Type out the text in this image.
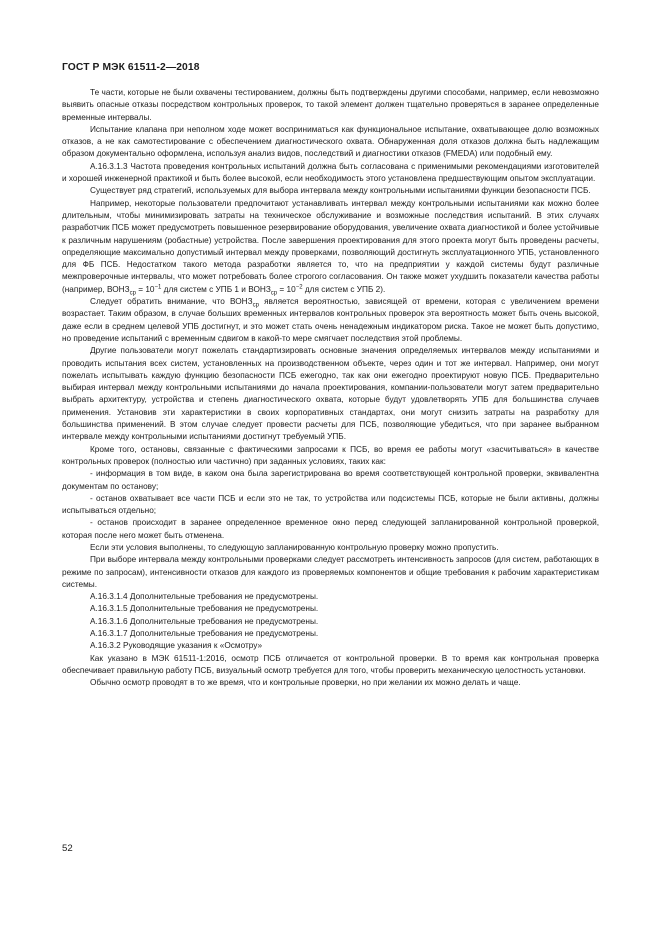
ГОСТ Р МЭК 61511-2—2018

Те части, которые не были охвачены тестированием, должны быть подтверждены другими способами, например, если невозможно выявить опасные отказы посредством контрольных проверок, то такой элемент должен тщательно проверяться в заранее определенные временные интервалы.

Испытание клапана при неполном ходе может восприниматься как функциональное испытание, охватывающее долю возможных отказов, а не как самотестирование с обеспечением диагностического охвата. Обнаруженная доля отказов должна быть надлежащим образом документально оформлена, используя анализ видов, последствий и диагностики отказов (FMEDA) или подобный ему.

А.16.3.1.3 Частота проведения контрольных испытаний должна быть согласована с применимыми рекомендациями изготовителей и хорошей инженерной практикой и быть более высокой, если необходимость этого установлена предшествующим опытом эксплуатации.

Существует ряд стратегий, используемых для выбора интервала между контрольными испытаниями функции безопасности ПСБ.

Например, некоторые пользователи предпочитают устанавливать интервал между контрольными испытаниями как можно более длительным, чтобы минимизировать затраты на техническое обслуживание и возможные последствия испытаний. В этих случаях разработчик ПСБ может предусмотреть повышенное резервирование оборудования, увеличение охвата диагностикой и более устойчивые к различным нарушениям (робастные) устройства. После завершения проектирования для этого проекта могут быть проведены расчеты, определяющие максимально допустимый интервал между проверками, позволяющий достигнуть эксплуатационного УПБ, установленного для ФБ ПСБ. Недостатком такого метода разработки является то, что на предприятии у каждой системы будут различные межпроверочные интервалы, что может потребовать более строгого согласования. Он также может ухудшить показатели качества работы (например, $ВОНЗ_{ср} = 10^{-1}$ для систем с УПБ 1 и $ВОНЗ_{ср} = 10^{-2}$ для систем с УПБ 2).

Следует обратить внимание, что $ВОНЗ_{ср}$ является вероятностью, зависящей от времени, которая с увеличением времени возрастает. Таким образом, в случае больших временных интервалов контрольных проверок эта вероятность может быть очень высокой, даже если в среднем целевой УПБ достигнут, и это может стать очень ненадежным индикатором риска. Такое не может быть допустимо, но проведение испытаний с временным сдвигом в какой-то мере смягчает последствия этой проблемы.

Другие пользователи могут пожелать стандартизировать основные значения определяемых интервалов между испытаниями и проводить испытания всех систем, установленных на производственном объекте, через один и тот же интервал. Например, они могут пожелать испытывать каждую функцию безопасности ПСБ ежегодно, так как они ежегодно проектируют новую ПСБ. Предварительно выбирая интервал между контрольными испытаниями до начала проектирования, компании-пользователи могут затем предварительно выбрать архитектуру, устройства и степень диагностического охвата, которые будут удовлетворять УПБ для большинства случаев применения. Установив эти характеристики в своих корпоративных стандартах, они могут снизить затраты на разработку для большинства применений. В этом случае следует провести расчеты для ПСБ, позволяющие убедиться, что при заранее выбранном интервале между контрольными испытаниями достигнут требуемый УПБ.

Кроме того, остановы, связанные с фактическими запросами к ПСБ, во время ее работы могут «засчитываться» в качестве контрольных проверок (полностью или частично) при заданных условиях, таких как:

- информация в том виде, в каком она была зарегистрирована во время соответствующей контрольной проверки, эквивалентна документам по останову;

- останов охватывает все части ПСБ и если это не так, то устройства или подсистемы ПСБ, которые не были активны, должны испытываться отдельно;

- останов происходит в заранее определенное временное окно перед следующей запланированной контрольной проверкой, которая после него может быть отменена.

Если эти условия выполнены, то следующую запланированную контрольную проверку можно пропустить.

При выборе интервала между контрольными проверками следует рассмотреть интенсивность запросов (для систем, работающих в режиме по запросам), интенсивности отказов для каждого из проверяемых компонентов и общие требования к рабочим характеристикам системы.

А.16.3.1.4 Дополнительные требования не предусмотрены.

А.16.3.1.5 Дополнительные требования не предусмотрены.

А.16.3.1.6 Дополнительные требования не предусмотрены.

А.16.3.1.7 Дополнительные требования не предусмотрены.

А.16.3.2 Руководящие указания к «Осмотру»

Как указано в МЭК 61511-1:2016, осмотр ПСБ отличается от контрольной проверки. В то время как контрольная проверка обеспечивает правильную работу ПСБ, визуальный осмотр требуется для того, чтобы проверить механическую целостность установки.

Обычно осмотр проводят в то же время, что и контрольные проверки, но при желании их можно делать и чаще.

52
